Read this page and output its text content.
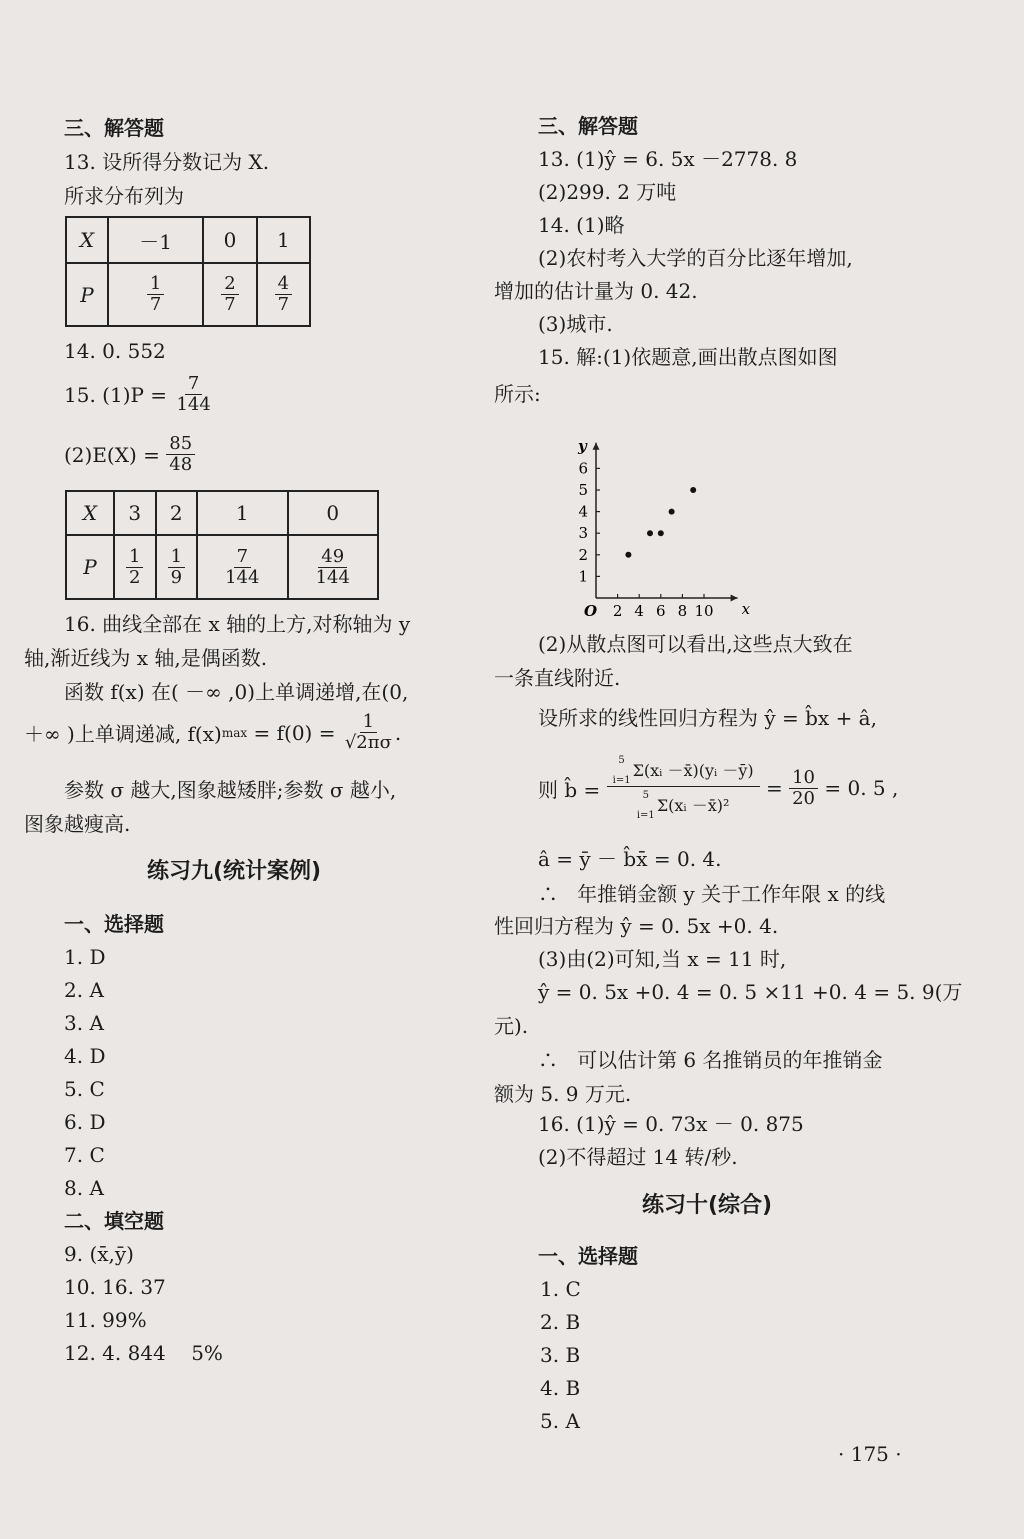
三、解答题
13. 设所得分数记为 X.
所求分布列为
X	－1	0	1
P	$\frac{1}{7}$	$\frac{2}{7}$	$\frac{4}{7}$
14. 0. 552
15. (1)P =
$\frac{7}{144}$
(2)E(X) =
$\frac{85}{48}$
X	3	2	1	0
P	$\frac{1}{2}$	$\frac{1}{9}$	$\frac{7}{144}$	$\frac{49}{144}$
16. 曲线全部在 x 轴的上方,对称轴为 y
轴,渐近线为 x 轴,是偶函数.
函数 f(x) 在( －∞ ,0)上单调递增,在(0,
＋∞ )上单调递减, f(x) max
= f(0) =
$\frac{1}{√2\pi\sigma}$ .
参数 σ 越大,图象越矮胖;参数 σ 越小,
图象越瘦高.
练习九(统计案例)
一、选择题
1. D
2. A
3. A
4. D
5. C
6. D
7. C
8. A
二、填空题
9. (x̄,ȳ)
10. 16. 37
11. 99%
12. 4. 844    5%
三、解答题
13. (1)ŷ = 6. 5x －2778. 8
(2)299. 2 万吨
14. (1)略
(2)农村考入大学的百分比逐年增加,
增加的估计量为 0. 42.
(3)城市.
15. 解:(1)依题意,画出散点图如图
所示:
x
y
O 2 4 6 8 10
1
2
3
4
5
6
(2)从散点图可以看出,这些点大致在
一条直线附近.
设所求的线性回归方程为 ŷ = b̂x + â,
则 b̂ =
5

i=1
Σ(xᵢ －x̄)(yᵢ －ȳ)
5

i=1
Σ(xᵢ －x̄)² = $\frac{10}{20}$
= 0. 5 ,
â = ȳ － b̂x̄ = 0. 4.
∴   年推销金额 y 关于工作年限 x 的线
性回归方程为 ŷ = 0. 5x +0. 4.
(3)由(2)可知,当 x = 11 时,
ŷ = 0. 5x +0. 4 = 0. 5 ×11 +0. 4 = 5. 9(万
元).
∴   可以估计第 6 名推销员的年推销金
额为 5. 9 万元.
16. (1)ŷ = 0. 73x － 0. 875
(2)不得超过 14 转/秒.
练习十(综合)
一、选择题
1. C
2. B
3. B
4. B
5. A
· 175 ·
